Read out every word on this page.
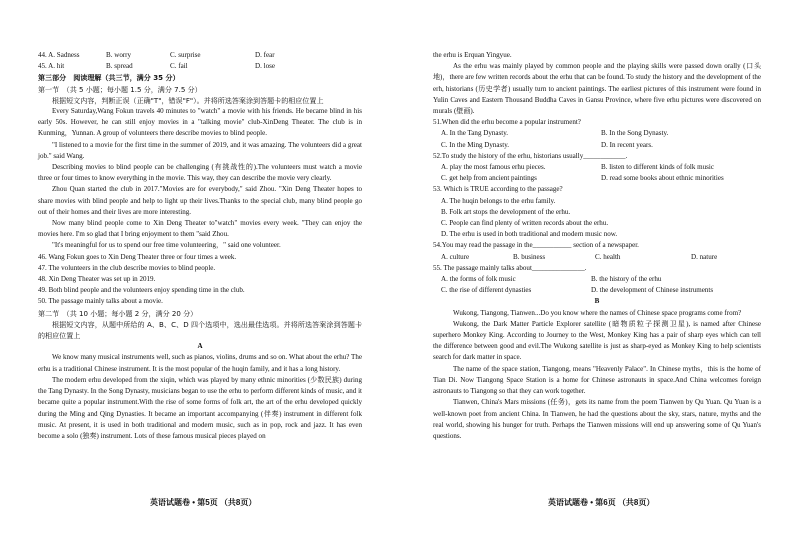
44. A. Sadness	B. worry	C. surprise	D. fear
45. A. hit	B. spread	C. fail	D. lose

第三部分　阅读理解（共三节，满分 35 分）

第一节　（共 5 小题；每小题 1.5 分，满分 7.5 分）

根据短文内容，判断正误（正确"T"，错误"F"）。并将所选答案涂到答题卡的相应位置上

Every Saturday,Wang Fokun travels 40 minutes to "watch" a movie with his friends. He became blind in his early 50s. However, he can still enjoy movies in a "talking movie" club-XinDeng Theater. The club is in Kunming，Yunnan. A group of volunteers there describe movies to blind people.

"I listened to a movie for the first time in the summer of 2019, and it was amazing. The volunteers did a great job." said Wang.

Describing movies to blind people can be challenging (有挑战性的).The volunteers must watch a movie three or four times to know everything in the movie. This way, they can describe the movie very clearly.

Zhou Quan started the club in 2017."Movies are for everybody," said Zhou. "Xin Deng Theater hopes to share movies with blind people and help to light up their lives.Thanks to the special club, many blind people go out of their homes and their lives are more interesting.

Now many blind people come to Xin Deng Theater to"watch" movies every week. "They can enjoy the movies here. I'm so glad that I bring enjoyment to them "said Zhou.

"It's meaningful for us to spend our free time volunteering，" said one volunteer.

46. Wang Fokun goes to Xin Deng Theater three or four times a week.

47. The volunteers in the club describe movies to blind people.

48. Xin Deng Theater was set up in 2019.

49. Both blind people and the volunteers enjoy spending time in the club.

50. The passage mainly talks about a movie.

第二节　（共 10 小题；每小题 2 分，满分 20 分）

根据短文内容，从题中所给的 A、B、C、D 四个选项中，选出最佳选项。并将所选答案涂到答题卡的相应位置上

A

We know many musical instruments well, such as pianos, violins, drums and so on. What about the erhu? The erhu is a traditional Chinese instrument. It is the most popular of the huqin family, and it has a long history.

The modern erhu developed from the xiqin, which was played by many ethnic minorities (少数民族) during the Tang Dynasty. In the Song Dynasty, musicians began to use the erhu to perform different kinds of music, and it became quite a popular instrument.With the rise of some forms of folk art, the art of the erhu developed quickly during the Ming and Qing Dynasties. It became an important accompanying (伴奏) instrument in different folk music. At present, it is used in both traditional and modern music, such as in pop, rock and jazz. It has even become a solo (独奏) instrument. Lots of these famous musical pieces played on

英语试题卷 • 第5页 （共8页）

the erhu is Erquan Yingyue.

As the erhu was mainly played by common people and the playing skills were passed down orally (口头地)，there are few written records about the erhu that can be found. To study the history and the development of the erh, historians (历史学者) usually turn to ancient paintings. The earliest pictures of this instrument were found in Yulin Caves and Eastern Thousand Buddha Caves in Gansu Province, where five erhu pictures were discovered on murals (壁画).

51.When did the erhu become a popular instrument?

A. In the Tang Dynasty.	B. In the Song Dynasty.
C. In the Ming Dynasty.	D. In recent years.

52.To study the history of the erhu, historians usually____________.

A. play the most famous erhu pieces.	B. listen to different kinds of folk music
C. get help from ancient paintings	D. read some books about ethnic minorities

53. Which is TRUE according to the passage?

A. The huqin belongs to the erhu family.

B. Folk art stops the development of the erhu.

C. People can find plenty of written records about the erhu.

D. The erhu is used in both traditional and modern music now.

54.You may read the passage in the___________ section of a newspaper.

A. culture	B. business	C. health	D. nature

55. The passage mainly talks about_______________.

A. the forms of folk music	B. the history of the erhu
C. the rise of different dynasties	D. the development of Chinese instruments

B

Wukong, Tiangong, Tianwen...Do you know where the names of Chinese space programs come from?

Wukong, the Dark Matter Particle Explorer satellite (暗物质粒子探测卫星), is named after Chinese superhero Monkey King. According to Journey to the West, Monkey King has a pair of sharp eyes which can tell the difference between good and evil.The Wukong satellite is just as sharp-eyed as Monkey King to help scientists search for dark matter in space.

The name of the space station, Tiangong, means "Heavenly Palace". In Chinese myths，this is the home of Tian Di. Now Tiangong Space Station is a home for Chinese astronauts in space.And China welcomes foreign astronauts to Tiangong so that they can work together.

Tianwen, China's Mars missions (任务)，gets its name from the poem Tianwen by Qu Yuan. Qu Yuan is a well-known poet from ancient China. In Tianwen, he had the questions about the sky, stars, nature, myths and the real world, showing his hunger for truth. Perhaps the Tianwen missions will end up answering some of Qu Yuan's questions.

英语试题卷 • 第6页 （共8页）
